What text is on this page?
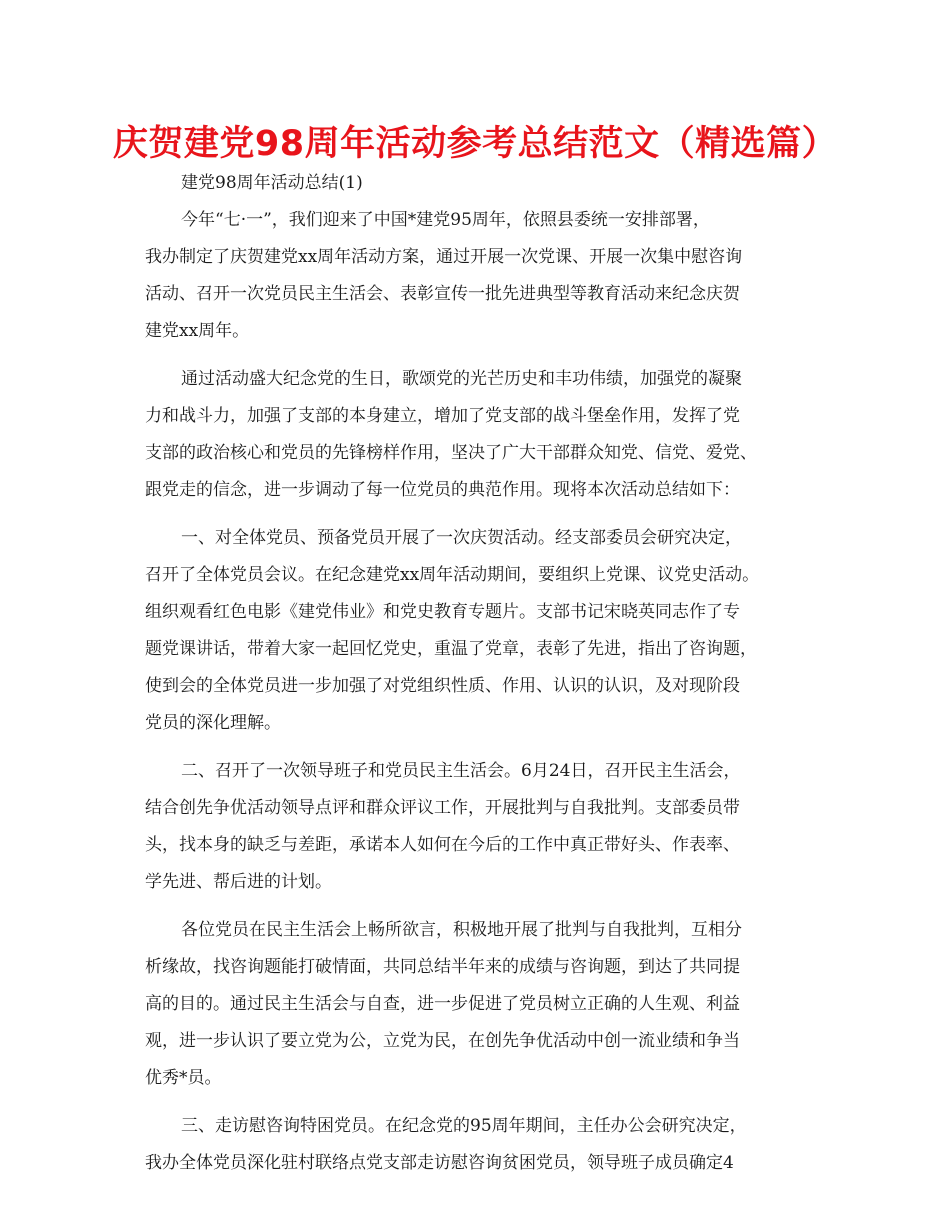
庆贺建党98周年活动参考总结范文（精选篇）
建党98周年活动总结(1)
今年“七·一”，我们迎来了中国*建党95周年，依照县委统一安排部署，
我办制定了庆贺建党xx周年活动方案，通过开展一次党课、开展一次集中慰咨询
活动、召开一次党员民主生活会、表彰宣传一批先进典型等教育活动来纪念庆贺
建党xx周年。
通过活动盛大纪念党的生日，歌颂党的光芒历史和丰功伟绩，加强党的凝聚
力和战斗力，加强了支部的本身建立，增加了党支部的战斗堡垒作用，发挥了党
支部的政治核心和党员的先锋榜样作用，坚决了广大干部群众知党、信党、爱党、
跟党走的信念，进一步调动了每一位党员的典范作用。现将本次活动总结如下：
一、对全体党员、预备党员开展了一次庆贺活动。经支部委员会研究决定，
召开了全体党员会议。在纪念建党xx周年活动期间，要组织上党课、议党史活动。
组织观看红色电影《建党伟业》和党史教育专题片。支部书记宋晓英同志作了专
题党课讲话，带着大家一起回忆党史，重温了党章，表彰了先进，指出了咨询题，
使到会的全体党员进一步加强了对党组织性质、作用、认识的认识，及对现阶段
党员的深化理解。
二、召开了一次领导班子和党员民主生活会。6月24日，召开民主生活会，
结合创先争优活动领导点评和群众评议工作，开展批判与自我批判。支部委员带
头，找本身的缺乏与差距，承诺本人如何在今后的工作中真正带好头、作表率、
学先进、帮后进的计划。
各位党员在民主生活会上畅所欲言，积极地开展了批判与自我批判，互相分
析缘故，找咨询题能打破情面，共同总结半年来的成绩与咨询题，到达了共同提
高的目的。通过民主生活会与自查，进一步促进了党员树立正确的人生观、利益
观，进一步认识了要立党为公，立党为民，在创先争优活动中创一流业绩和争当
优秀*员。
三、走访慰咨询特困党员。在纪念党的95周年期间，主任办公会研究决定，
我办全体党员深化驻村联络点党支部走访慰咨询贫困党员，领导班子成员确定4
